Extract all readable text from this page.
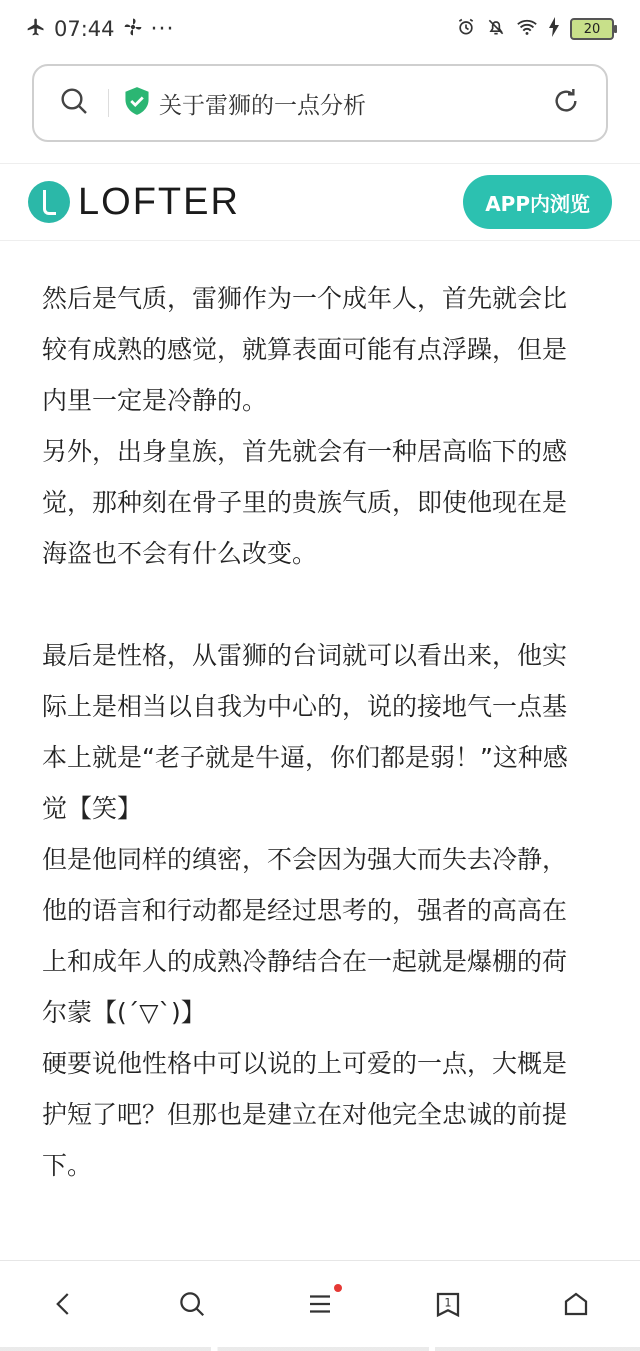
07:44 ···	20
关于雷狮的一点分析
LOFTER	APP内浏览

然后是气质，雷狮作为一个成年人，首先就会比较有成熟的感觉，就算表面可能有点浮躁，但是内里一定是冷静的。

另外，出身皇族，首先就会有一种居高临下的感觉，那种刻在骨子里的贵族气质，即使他现在是海盗也不会有什么改变。

最后是性格，从雷狮的台词就可以看出来，他实际上是相当以自我为中心的，说的接地气一点基本上就是“老子就是牛逼，你们都是弱！”这种感觉【笑】

但是他同样的缜密，不会因为强大而失去冷静，他的语言和行动都是经过思考的，强者的高高在上和成年人的成熟冷静结合在一起就是爆棚的荷尔蒙【(´▽`)】

硬要说他性格中可以说的上可爱的一点，大概是护短了吧？但那也是建立在对他完全忠诚的前提下。

1
